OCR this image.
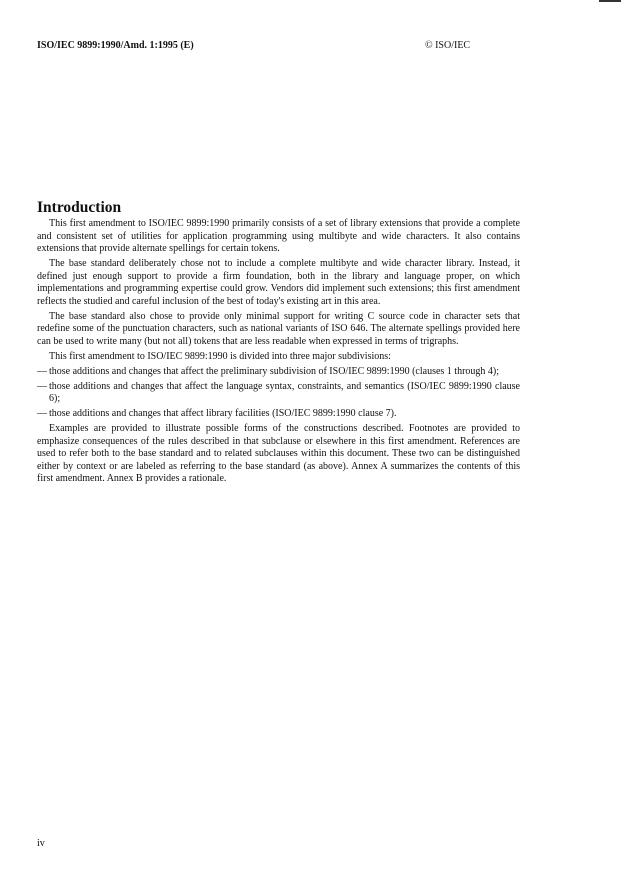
ISO/IEC 9899:1990/Amd. 1:1995 (E)	© ISO/IEC
Introduction

This first amendment to ISO/IEC 9899:1990 primarily consists of a set of library extensions that provide a complete and consistent set of utilities for application programming using multibyte and wide characters. It also contains extensions that provide alternate spellings for certain tokens.

The base standard deliberately chose not to include a complete multibyte and wide character library. Instead, it defined just enough support to provide a firm foundation, both in the library and language proper, on which implementations and programming expertise could grow. Vendors did implement such extensions; this first amendment reflects the studied and careful inclusion of the best of today's existing art in this area.

The base standard also chose to provide only minimal support for writing C source code in character sets that redefine some of the punctuation characters, such as national variants of ISO 646. The alternate spellings provided here can be used to write many (but not all) tokens that are less readable when expressed in terms of trigraphs.

This first amendment to ISO/IEC 9899:1990 is divided into three major subdivisions:

— those additions and changes that affect the preliminary subdivision of ISO/IEC 9899:1990 (clauses 1 through 4);
— those additions and changes that affect the language syntax, constraints, and semantics (ISO/IEC 9899:1990 clause 6);
— those additions and changes that affect library facilities (ISO/IEC 9899:1990 clause 7).

Examples are provided to illustrate possible forms of the constructions described. Footnotes are provided to emphasize consequences of the rules described in that subclause or elsewhere in this first amendment. References are used to refer both to the base standard and to related subclauses within this document. These two can be distinguished either by context or are labeled as referring to the base standard (as above). Annex A summarizes the contents of this first amendment. Annex B provides a rationale.

iv
